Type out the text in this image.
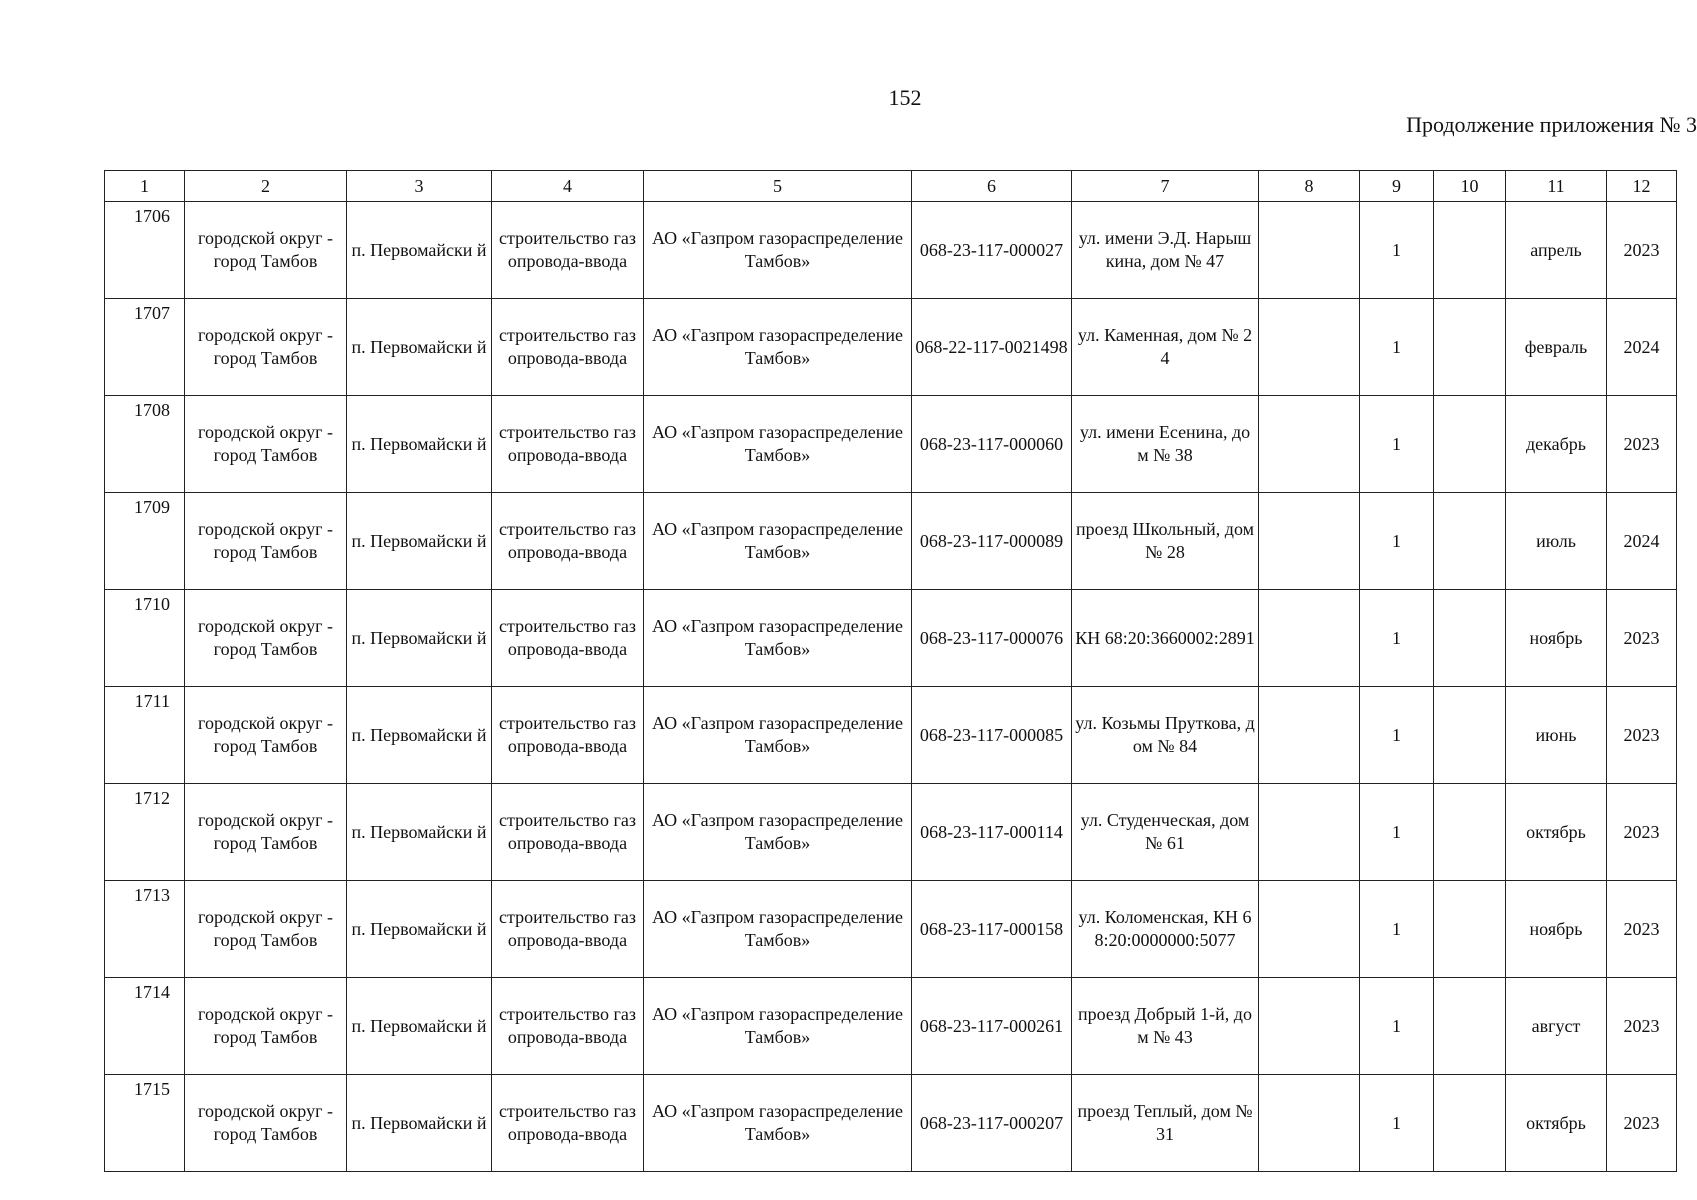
152
Продолжение приложения № 3
1	2	3	4	5	6	7	8	9	10	11	12
1706	городской округ - город Тамбов	п. Первомайски й	строительство газопровода-ввода	АО «Газпром газораспределение Тамбов»	068-23-117-000027	ул. имени Э.Д. Нарышкина, дом № 47		1		апрель	2023
1707	городской округ - город Тамбов	п. Первомайски й	строительство газопровода-ввода	АО «Газпром газораспределение Тамбов»	068-22-117-0021498	ул. Каменная, дом № 24		1		февраль	2024
1708	городской округ - город Тамбов	п. Первомайски й	строительство газопровода-ввода	АО «Газпром газораспределение Тамбов»	068-23-117-000060	ул. имени Есенина, дом № 38		1		декабрь	2023
1709	городской округ - город Тамбов	п. Первомайски й	строительство газопровода-ввода	АО «Газпром газораспределение Тамбов»	068-23-117-000089	проезд Школьный, дом № 28		1		июль	2024
1710	городской округ - город Тамбов	п. Первомайски й	строительство газопровода-ввода	АО «Газпром газораспределение Тамбов»	068-23-117-000076	КН 68:20:3660002:2891		1		ноябрь	2023
1711	городской округ - город Тамбов	п. Первомайски й	строительство газопровода-ввода	АО «Газпром газораспределение Тамбов»	068-23-117-000085	ул. Козьмы Пруткова, дом № 84		1		июнь	2023
1712	городской округ - город Тамбов	п. Первомайски й	строительство газопровода-ввода	АО «Газпром газораспределение Тамбов»	068-23-117-000114	ул. Студенческая, дом № 61		1		октябрь	2023
1713	городской округ - город Тамбов	п. Первомайски й	строительство газопровода-ввода	АО «Газпром газораспределение Тамбов»	068-23-117-000158	ул. Коломенская, КН 68:20:0000000:5077		1		ноябрь	2023
1714	городской округ - город Тамбов	п. Первомайски й	строительство газопровода-ввода	АО «Газпром газораспределение Тамбов»	068-23-117-000261	проезд Добрый 1-й, дом № 43		1		август	2023
1715	городской округ - город Тамбов	п. Первомайски й	строительство газопровода-ввода	АО «Газпром газораспределение Тамбов»	068-23-117-000207	проезд Теплый, дом № 31		1		октябрь	2023
